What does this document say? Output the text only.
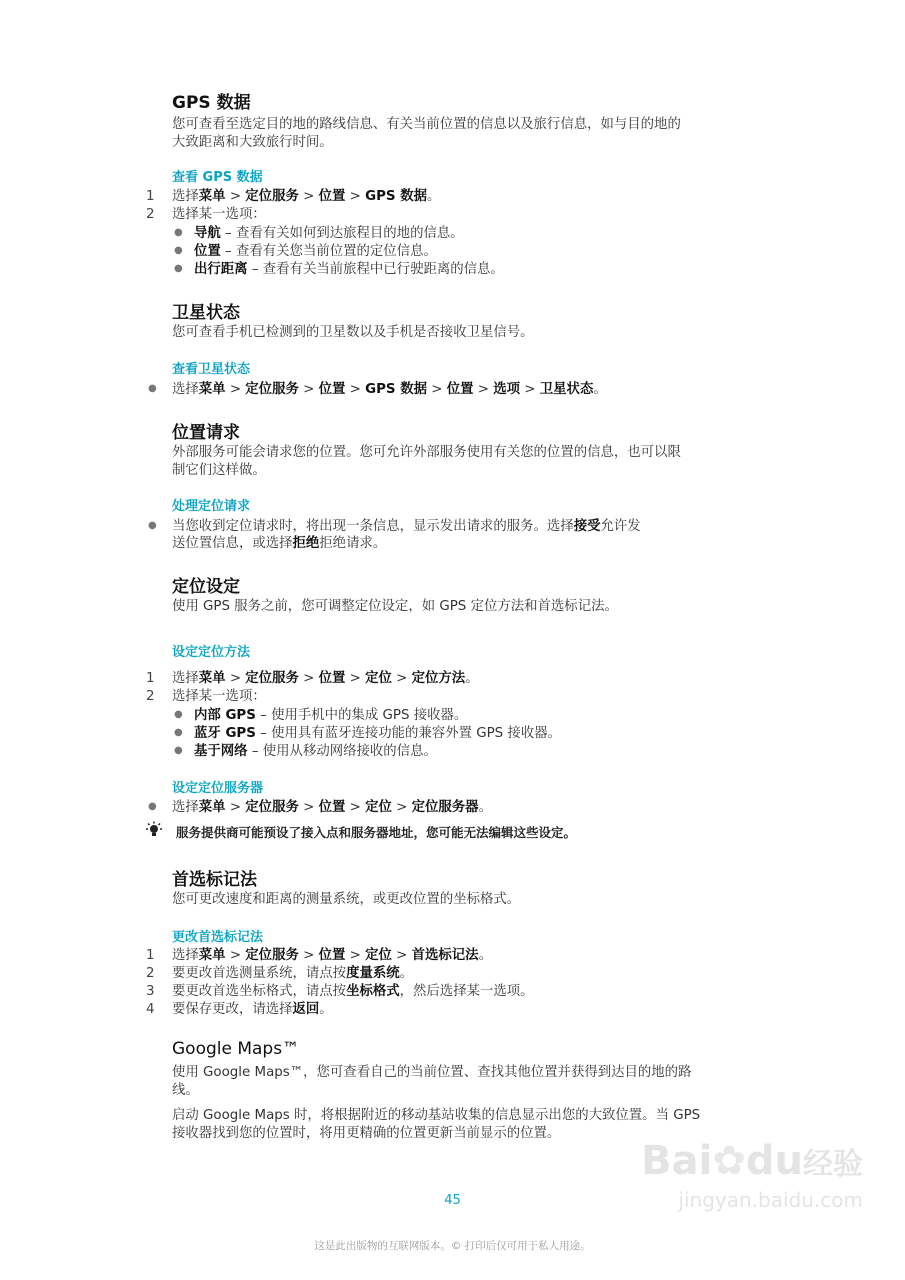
GPS 数据
您可查看至选定目的地的路线信息、有关当前位置的信息以及旅行信息，如与目的地的
大致距离和大致旅行时间。
查看 GPS 数据
1 选择菜单 > 定位服务 > 位置 > GPS 数据。
2 选择某一选项：
● 导航 – 查看有关如何到达旅程目的地的信息。
● 位置 – 查看有关您当前位置的定位信息。
● 出行距离 – 查看有关当前旅程中已行驶距离的信息。
卫星状态
您可查看手机已检测到的卫星数以及手机是否接收卫星信号。
查看卫星状态
● 选择菜单 > 定位服务 > 位置 > GPS 数据 > 位置 > 选项 > 卫星状态。
位置请求
外部服务可能会请求您的位置。您可允许外部服务使用有关您的位置的信息，也可以限
制它们这样做。
处理定位请求
● 当您收到定位请求时，将出现一条信息，显示发出请求的服务。选择接受允许发
送位置信息，或选择拒绝拒绝请求。
定位设定
使用 GPS 服务之前，您可调整定位设定，如 GPS 定位方法和首选标记法。
设定定位方法
1 选择菜单 > 定位服务 > 位置 > 定位 > 定位方法。
2 选择某一选项：
● 内部 GPS – 使用手机中的集成 GPS 接收器。
● 蓝牙 GPS – 使用具有蓝牙连接功能的兼容外置 GPS 接收器。
● 基于网络 – 使用从移动网络接收的信息。
设定定位服务器
● 选择菜单 > 定位服务 > 位置 > 定位 > 定位服务器。
服务提供商可能预设了接入点和服务器地址，您可能无法编辑这些设定。
首选标记法
您可更改速度和距离的测量系统，或更改位置的坐标格式。
更改首选标记法
1 选择菜单 > 定位服务 > 位置 > 定位 > 首选标记法。
2 要更改首选测量系统，请点按度量系统。
3 要更改首选坐标格式，请点按坐标格式，然后选择某一选项。
4 要保存更改，请选择返回。
Google Maps™
使用 Google Maps™，您可查看自己的当前位置、查找其他位置并获得到达目的地的路
线。
启动 Google Maps 时，将根据附近的移动基站收集的信息显示出您的大致位置。当 GPS
接收器找到您的位置时，将用更精确的位置更新当前显示的位置。
45
这是此出版物的互联网版本。© 打印后仅可用于私人用途。
Bai✿du经验
jingyan.baidu.com
